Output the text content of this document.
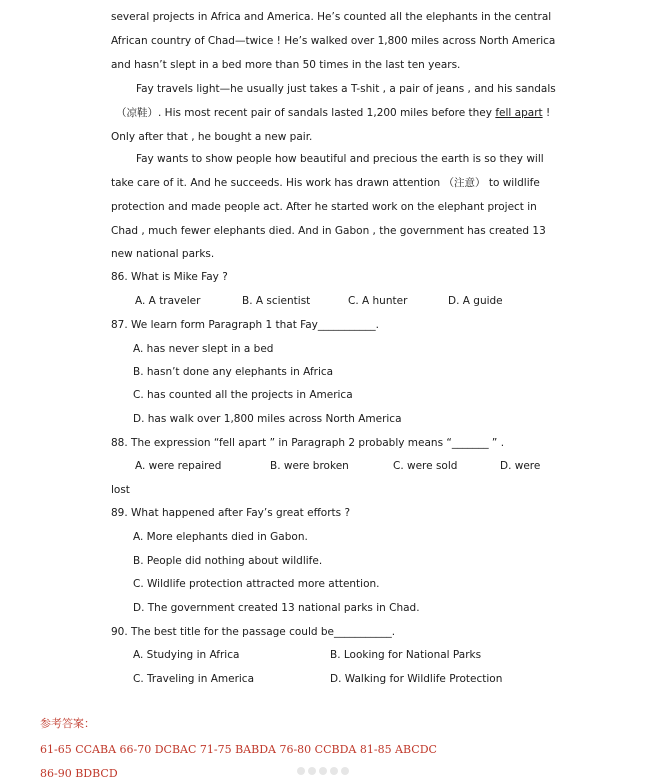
several projects in Africa and America. He’s counted all the elephants in the central
African country of Chad—twice ! He’s walked over 1,800 miles across North America
and hasn’t slept in a bed more than 50 times in the last ten years.
Fay travels light—he usually just takes a T-shit , a pair of jeans , and his sandals
（凉鞋）. His most recent pair of sandals lasted 1,200 miles before they fell apart !
Only after that , he bought a new pair.
Fay wants to show people how beautiful and precious the earth is so they will
take care of it. And he succeeds. His work has drawn attention （注意） to wildlife
protection and made people act. After he started work on the elephant project in
Chad , much fewer elephants died. And in Gabon , the government has created 13
new national parks.
86. What is Mike Fay ?
A. A traveler	B. A scientist	C. A hunter	D. A guide
87. We learn form Paragraph 1 that Fay___________.
A. has never slept in a bed
B. hasn’t done any elephants in Africa
C. has counted all the projects in America
D. has walk over 1,800 miles across North America
88. The expression “fell apart ” in Paragraph 2 probably means “_______ ” .
A. were repaired	B. were broken	C. were sold	D. were
lost
89. What happened after Fay’s great efforts ?
A. More elephants died in Gabon.
B. People did nothing about wildlife.
C. Wildlife protection attracted more attention.
D. The government created 13 national parks in Chad.
90. The best title for the passage could be___________.
A. Studying in Africa	B. Looking for National Parks
C. Traveling in America	D. Walking for Wildlife Protection
参考答案：
61-65 CCABA 66-70 DCBAC 71-75 BABDA 76-80 CCBDA 81-85 ABCDC
86-90 BDBCD
